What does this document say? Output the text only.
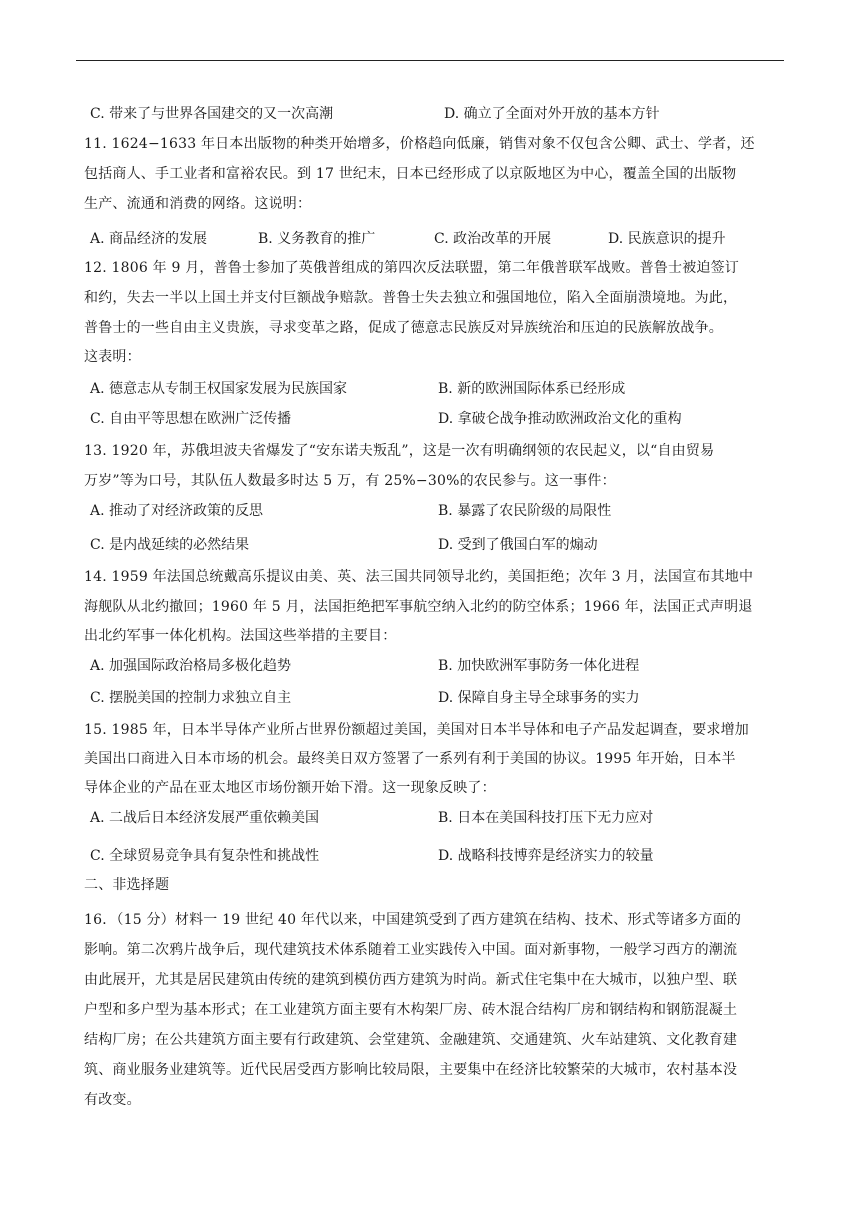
C. 带来了与世界各国建交的又一次高潮	D. 确立了全面对外开放的基本方针
11. 1624−1633 年日本出版物的种类开始增多，价格趋向低廉，销售对象不仅包含公卿、武士、学者，还
包括商人、手工业者和富裕农民。到 17 世纪末，日本已经形成了以京阪地区为中心，覆盖全国的出版物
生产、流通和消费的网络。这说明：
A. 商品经济的发展	B. 义务教育的推广	C. 政治改革的开展	D. 民族意识的提升
12. 1806 年 9 月，普鲁士参加了英俄普组成的第四次反法联盟，第二年俄普联军战败。普鲁士被迫签订
和约，失去一半以上国土并支付巨额战争赔款。普鲁士失去独立和强国地位，陷入全面崩溃境地。为此，
普鲁士的一些自由主义贵族，寻求变革之路，促成了德意志民族反对异族统治和压迫的民族解放战争。
这表明：
A. 德意志从专制王权国家发展为民族国家	B. 新的欧洲国际体系已经形成
C. 自由平等思想在欧洲广泛传播	D. 拿破仑战争推动欧洲政治文化的重构
13. 1920 年，苏俄坦波夫省爆发了“安东诺夫叛乱”，这是一次有明确纲领的农民起义，以“自由贸易
万岁”等为口号，其队伍人数最多时达 5 万，有 25%−30%的农民参与。这一事件：
A. 推动了对经济政策的反思	B. 暴露了农民阶级的局限性
C. 是内战延续的必然结果	D. 受到了俄国白军的煽动
14. 1959 年法国总统戴高乐提议由美、英、法三国共同领导北约，美国拒绝；次年 3 月，法国宣布其地中
海舰队从北约撤回；1960 年 5 月，法国拒绝把军事航空纳入北约的防空体系；1966 年，法国正式声明退
出北约军事一体化机构。法国这些举措的主要目：
A. 加强国际政治格局多极化趋势	B. 加快欧洲军事防务一体化进程
C. 摆脱美国的控制力求独立自主	D. 保障自身主导全球事务的实力
15. 1985 年，日本半导体产业所占世界份额超过美国，美国对日本半导体和电子产品发起调查，要求增加
美国出口商进入日本市场的机会。最终美日双方签署了一系列有利于美国的协议。1995 年开始，日本半
导体企业的产品在亚太地区市场份额开始下滑。这一现象反映了：
A. 二战后日本经济发展严重依赖美国	B. 日本在美国科技打压下无力应对
C. 全球贸易竞争具有复杂性和挑战性	D. 战略科技博弈是经济实力的较量
二、非选择题
16．（15 分）材料一 19 世纪 40 年代以来，中国建筑受到了西方建筑在结构、技术、形式等诸多方面的
影响。第二次鸦片战争后，现代建筑技术体系随着工业实践传入中国。面对新事物，一般学习西方的潮流
由此展开，尤其是居民建筑由传统的建筑到模仿西方建筑为时尚。新式住宅集中在大城市，以独户型、联
户型和多户型为基本形式；在工业建筑方面主要有木构架厂房、砖木混合结构厂房和钢结构和钢筋混凝土
结构厂房；在公共建筑方面主要有行政建筑、会堂建筑、金融建筑、交通建筑、火车站建筑、文化教育建
筑、商业服务业建筑等。近代民居受西方影响比较局限，主要集中在经济比较繁荣的大城市，农村基本没
有改变。
